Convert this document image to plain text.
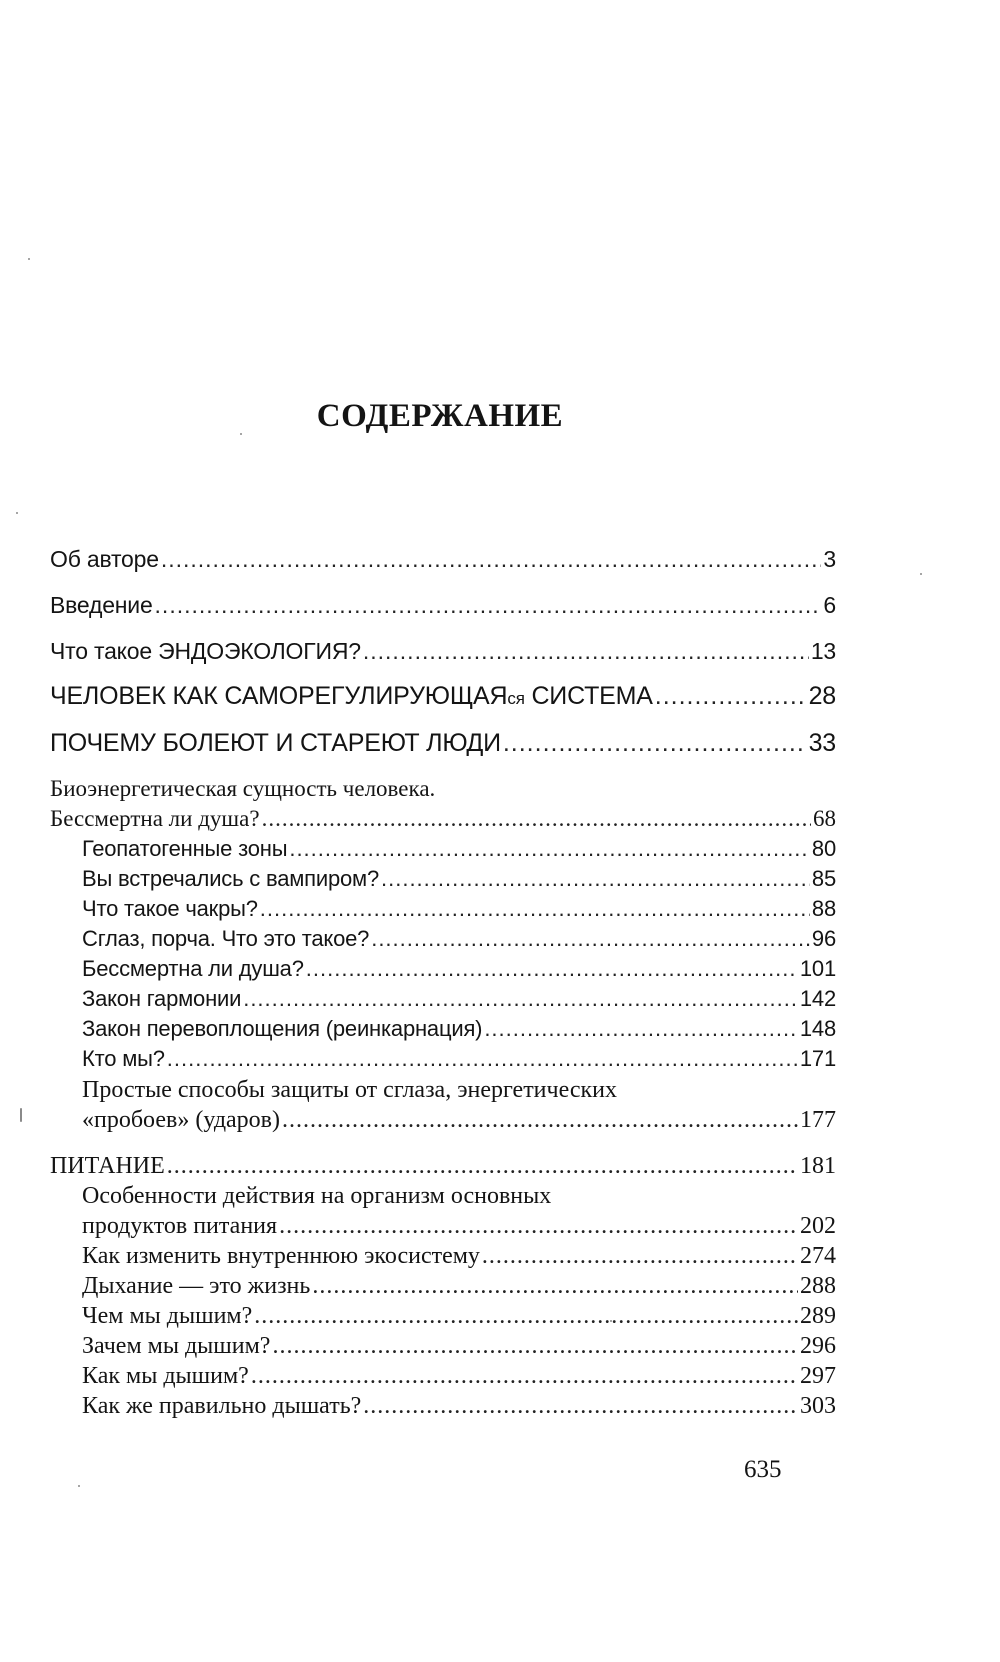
СОДЕРЖАНИЕ
Об авторе .....	3
Введение .....	6
Что такое ЭНДОЭКОЛОГИЯ? .....	13
ЧЕЛОВЕК КАК САМОРЕГУЛИРУЮЩАЯся СИСТЕМА .....	28
ПОЧЕМУ БОЛЕЮТ И СТАРЕЮТ ЛЮДИ .....	33
Биоэнергетическая сущность человека.
Бессмертна ли душа? .....	68
Геопатогенные зоны .....	80
Вы встречались с вампиром? .....	85
Что такое чакры? .....	88
Сглаз, порча. Что это такое? .....	96
Бессмертна ли душа? .....	101
Закон гармонии .....	142
Закон перевоплощения (реинкарнация) .....	148
Кто мы? .....	171
Простые способы защиты от сглаза, энергетических
«пробоев» (ударов) .....	177
ПИТАНИЕ .....	181
Особенности действия на организм основных
продуктов питания .....	202
Как изменить внутреннюю экосистему .....	274
Дыхание — это жизнь .....	288
Чем мы дышим? .....	289
Зачем мы дышим? .....	296
Как мы дышим? .....	297
Как же правильно дышать? .....	303
635
